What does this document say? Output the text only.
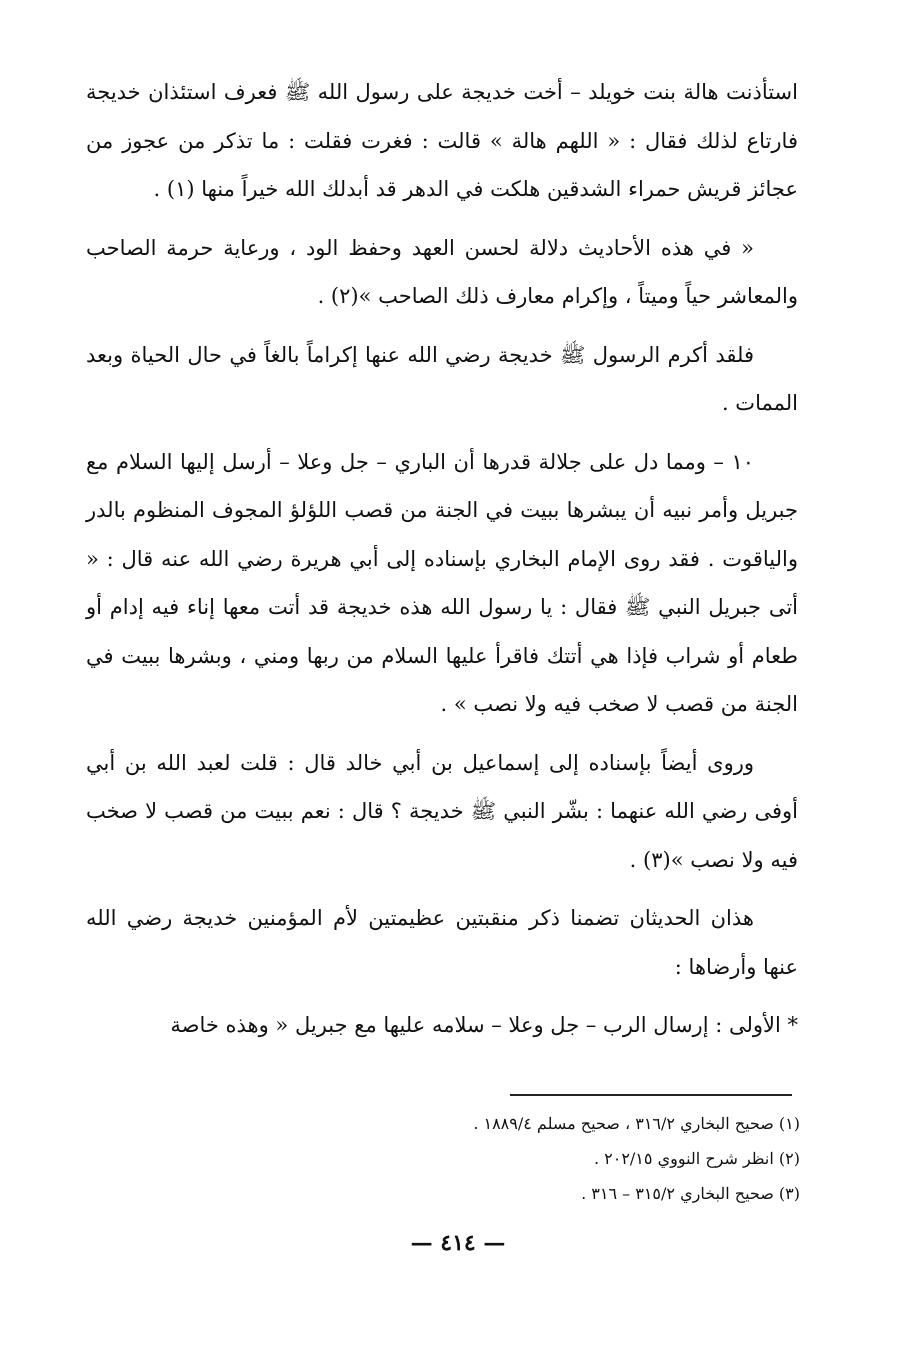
استأذنت هالة بنت خويلد – أخت خديجة على رسول الله ﷺ فعرف استئذان خديجة فارتاع لذلك فقال : « اللهم هالة » قالت : فغرت فقلت : ما تذكر من عجوز من عجائز قريش حمراء الشدقين هلكت في الدهر قد أبدلك الله خيراً منها (١) .

« في هذه الأحاديث دلالة لحسن العهد وحفظ الود ، ورعاية حرمة الصاحب والمعاشر حياً وميتاً ، وإكرام معارف ذلك الصاحب »(٢) .

فلقد أكرم الرسول ﷺ خديجة رضي الله عنها إكراماً بالغاً في حال الحياة وبعد الممات .

١٠ – ومما دل على جلالة قدرها أن الباري – جل وعلا – أرسل إليها السلام مع جبريل وأمر نبيه أن يبشرها ببيت في الجنة من قصب اللؤلؤ المجوف المنظوم بالدر والياقوت . فقد روى الإمام البخاري بإسناده إلى أبي هريرة رضي الله عنه قال : « أتى جبريل النبي ﷺ فقال : يا رسول الله هذه خديجة قد أتت معها إناء فيه إدام أو طعام أو شراب فإذا هي أتتك فاقرأ عليها السلام من ربها ومني ، وبشرها ببيت في الجنة من قصب لا صخب فيه ولا نصب » .

وروى أيضاً بإسناده إلى إسماعيل بن أبي خالد قال : قلت لعبد الله بن أبي أوفى رضي الله عنهما : بشّر النبي ﷺ خديجة ؟ قال : نعم ببيت من قصب لا صخب فيه ولا نصب »(٣) .

هذان الحديثان تضمنا ذكر منقبتين عظيمتين لأم المؤمنين خديجة رضي الله عنها وأرضاها :

* الأولى : إرسال الرب – جل وعلا – سلامه عليها مع جبريل « وهذه خاصة

(١) صحيح البخاري ٣١٦/٢ ، صحيح مسلم ١٨٨٩/٤ .
(٢) انظر شرح النووي ٢٠٢/١٥ .
(٣) صحيح البخاري ٣١٥/٢ – ٣١٦ .
— ٤١٤ —
